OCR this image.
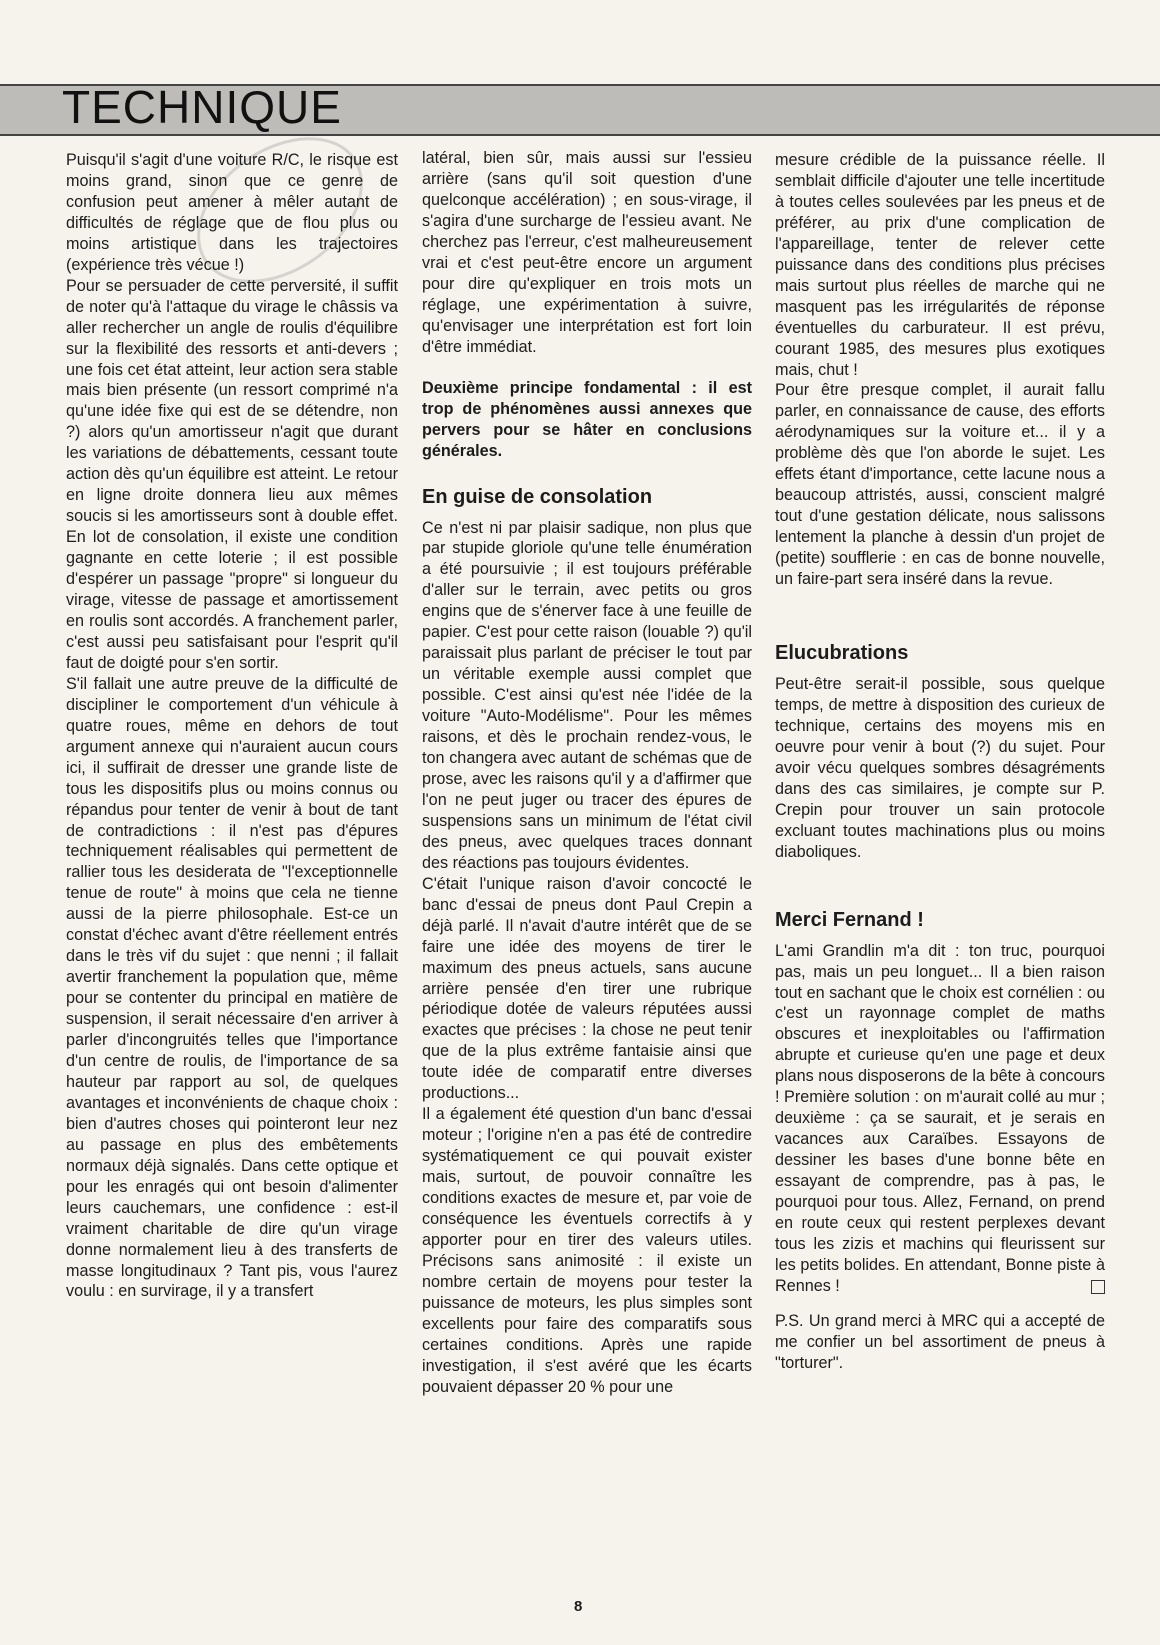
TECHNIQUE

Puisqu'il s'agit d'une voiture R/C, le risque est moins grand, sinon que ce genre de confusion peut amener à mêler autant de difficultés de réglage que de flou plus ou moins artistique dans les trajectoires (expérience très vécue !)

Pour se persuader de cette perversité, il suffit de noter qu'à l'attaque du virage le châssis va aller rechercher un angle de roulis d'équilibre sur la flexibilité des ressorts et anti-devers ; une fois cet état atteint, leur action sera stable mais bien présente (un ressort comprimé n'a qu'une idée fixe qui est de se détendre, non ?) alors qu'un amortisseur n'agit que durant les variations de débattements, cessant toute action dès qu'un équilibre est atteint. Le retour en ligne droite donnera lieu aux mêmes soucis si les amortisseurs sont à double effet. En lot de consolation, il existe une condition gagnante en cette loterie ; il est possible d'espérer un passage "propre" si longueur du virage, vitesse de passage et amortissement en roulis sont accordés. A franchement parler, c'est aussi peu satisfaisant pour l'esprit qu'il faut de doigté pour s'en sortir.

S'il fallait une autre preuve de la difficulté de discipliner le comportement d'un véhicule à quatre roues, même en dehors de tout argument annexe qui n'auraient aucun cours ici, il suffirait de dresser une grande liste de tous les dispositifs plus ou moins connus ou répandus pour tenter de venir à bout de tant de contradictions : il n'est pas d'épures techniquement réalisables qui permettent de rallier tous les desiderata de "l'exceptionnelle tenue de route" à moins que cela ne tienne aussi de la pierre philosophale. Est-ce un constat d'échec avant d'être réellement entrés dans le très vif du sujet : que nenni ; il fallait avertir franchement la population que, même pour se contenter du principal en matière de suspension, il serait nécessaire d'en arriver à parler d'incongruités telles que l'importance d'un centre de roulis, de l'importance de sa hauteur par rapport au sol, de quelques avantages et inconvénients de chaque choix : bien d'autres choses qui pointeront leur nez au passage en plus des embêtements normaux déjà signalés. Dans cette optique et pour les enragés qui ont besoin d'alimenter leurs cauchemars, une confidence : est-il vraiment charitable de dire qu'un virage donne normalement lieu à des transferts de masse longitudinaux ? Tant pis, vous l'aurez voulu : en survirage, il y a transfert

latéral, bien sûr, mais aussi sur l'essieu arrière (sans qu'il soit question d'une quelconque accélération) ; en sous-virage, il s'agira d'une surcharge de l'essieu avant. Ne cherchez pas l'erreur, c'est malheureusement vrai et c'est peut-être encore un argument pour dire qu'expliquer en trois mots un réglage, une expérimentation à suivre, qu'envisager une interprétation est fort loin d'être immédiat.

Deuxième principe fondamental : il est trop de phénomènes aussi annexes que pervers pour se hâter en conclusions générales.

En guise de consolation

Ce n'est ni par plaisir sadique, non plus que par stupide gloriole qu'une telle énumération a été poursuivie ; il est toujours préférable d'aller sur le terrain, avec petits ou gros engins que de s'énerver face à une feuille de papier. C'est pour cette raison (louable ?) qu'il paraissait plus parlant de préciser le tout par un véritable exemple aussi complet que possible. C'est ainsi qu'est née l'idée de la voiture "Auto-Modélisme". Pour les mêmes raisons, et dès le prochain rendez-vous, le ton changera avec autant de schémas que de prose, avec les raisons qu'il y a d'affirmer que l'on ne peut juger ou tracer des épures de suspensions sans un minimum de l'état civil des pneus, avec quelques traces donnant des réactions pas toujours évidentes.

C'était l'unique raison d'avoir concocté le banc d'essai de pneus dont Paul Crepin a déjà parlé. Il n'avait d'autre intérêt que de se faire une idée des moyens de tirer le maximum des pneus actuels, sans aucune arrière pensée d'en tirer une rubrique périodique dotée de valeurs réputées aussi exactes que précises : la chose ne peut tenir que de la plus extrême fantaisie ainsi que toute idée de comparatif entre diverses productions...

Il a également été question d'un banc d'essai moteur ; l'origine n'en a pas été de contredire systématiquement ce qui pouvait exister mais, surtout, de pouvoir connaître les conditions exactes de mesure et, par voie de conséquence les éventuels correctifs à y apporter pour en tirer des valeurs utiles. Précisons sans animosité : il existe un nombre certain de moyens pour tester la puissance de moteurs, les plus simples sont excellents pour faire des comparatifs sous certaines conditions. Après une rapide investigation, il s'est avéré que les écarts pouvaient dépasser 20 % pour une

mesure crédible de la puissance réelle. Il semblait difficile d'ajouter une telle incertitude à toutes celles soulevées par les pneus et de préférer, au prix d'une complication de l'appareillage, tenter de relever cette puissance dans des conditions plus précises mais surtout plus réelles de marche qui ne masquent pas les irrégularités de réponse éventuelles du carburateur. Il est prévu, courant 1985, des mesures plus exotiques mais, chut !

Pour être presque complet, il aurait fallu parler, en connaissance de cause, des efforts aérodynamiques sur la voiture et... il y a problème dès que l'on aborde le sujet. Les effets étant d'importance, cette lacune nous a beaucoup attristés, aussi, conscient malgré tout d'une gestation délicate, nous salissons lentement la planche à dessin d'un projet de (petite) soufflerie : en cas de bonne nouvelle, un faire-part sera inséré dans la revue.

Elucubrations

Peut-être serait-il possible, sous quelque temps, de mettre à disposition des curieux de technique, certains des moyens mis en oeuvre pour venir à bout (?) du sujet. Pour avoir vécu quelques sombres désagréments dans des cas similaires, je compte sur P. Crepin pour trouver un sain protocole excluant toutes machinations plus ou moins diaboliques.

Merci Fernand !

L'ami Grandlin m'a dit : ton truc, pourquoi pas, mais un peu longuet... Il a bien raison tout en sachant que le choix est cornélien : ou c'est un rayonnage complet de maths obscures et inexploitables ou l'affirmation abrupte et curieuse qu'en une page et deux plans nous disposerons de la bête à concours ! Première solution : on m'aurait collé au mur ; deuxième : ça se saurait, et je serais en vacances aux Caraïbes. Essayons de dessiner les bases d'une bonne bête en essayant de comprendre, pas à pas, le pourquoi pour tous. Allez, Fernand, on prend en route ceux qui restent perplexes devant tous les zizis et machins qui fleurissent sur les petits bolides. En attendant, Bonne piste à Rennes !

P.S. Un grand merci à MRC qui a accepté de me confier un bel assortiment de pneus à "torturer".

8
